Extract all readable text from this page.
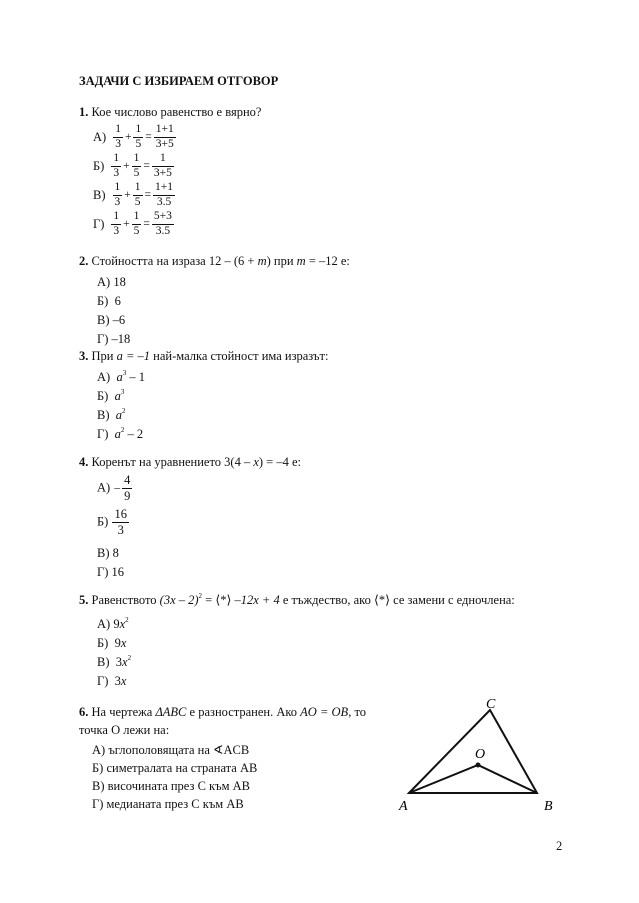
ЗАДАЧИ С ИЗБИРАЕМ ОТГОВОР
1. Кое числово равенство е вярно?
$А) \frac{1}{3} + \frac{1}{5} = \frac{1+1}{3+5}$
$Б) \frac{1}{3} + \frac{1}{5} = \frac{1}{3+5}$
$В) \frac{1}{3} + \frac{1}{5} = \frac{1+1}{3.5}$
$Г) \frac{1}{3} + \frac{1}{5} = \frac{5+3}{3.5}$
2. Стойността на израза 12 – (6 + m) при m = –12 е:
А) 18
Б) 6
В) –6
Г) –18
3. При a = –1 най-малка стойност има изразът:
А) $a^3 - 1$
Б) $a^3$
В) $a^2$
Г) $a^2 - 2$
4. Коренът на уравнението 3(4 – x) = –4 е:
$А) - \frac{4}{9}$
$Б) \frac{16}{3}$
В) 8
Г) 16
5. Равенството (3x – 2)$^2$ = ⟨*⟩ –12x + 4 е тъждество, ако ⟨*⟩ се замени с едночлена:
А) $9x^2$
Б) 9x
В) $3x^2$
Г) 3x
6. На чертежа ΔABC е разностранен. Ако AO = OB, то
точка O лежи на:
А) ъглополовящата на ∢ACB
Б) симетралата на страната AB
В) височината през C към AB
Г) медианата през C към AB
C
O
A	B
2
